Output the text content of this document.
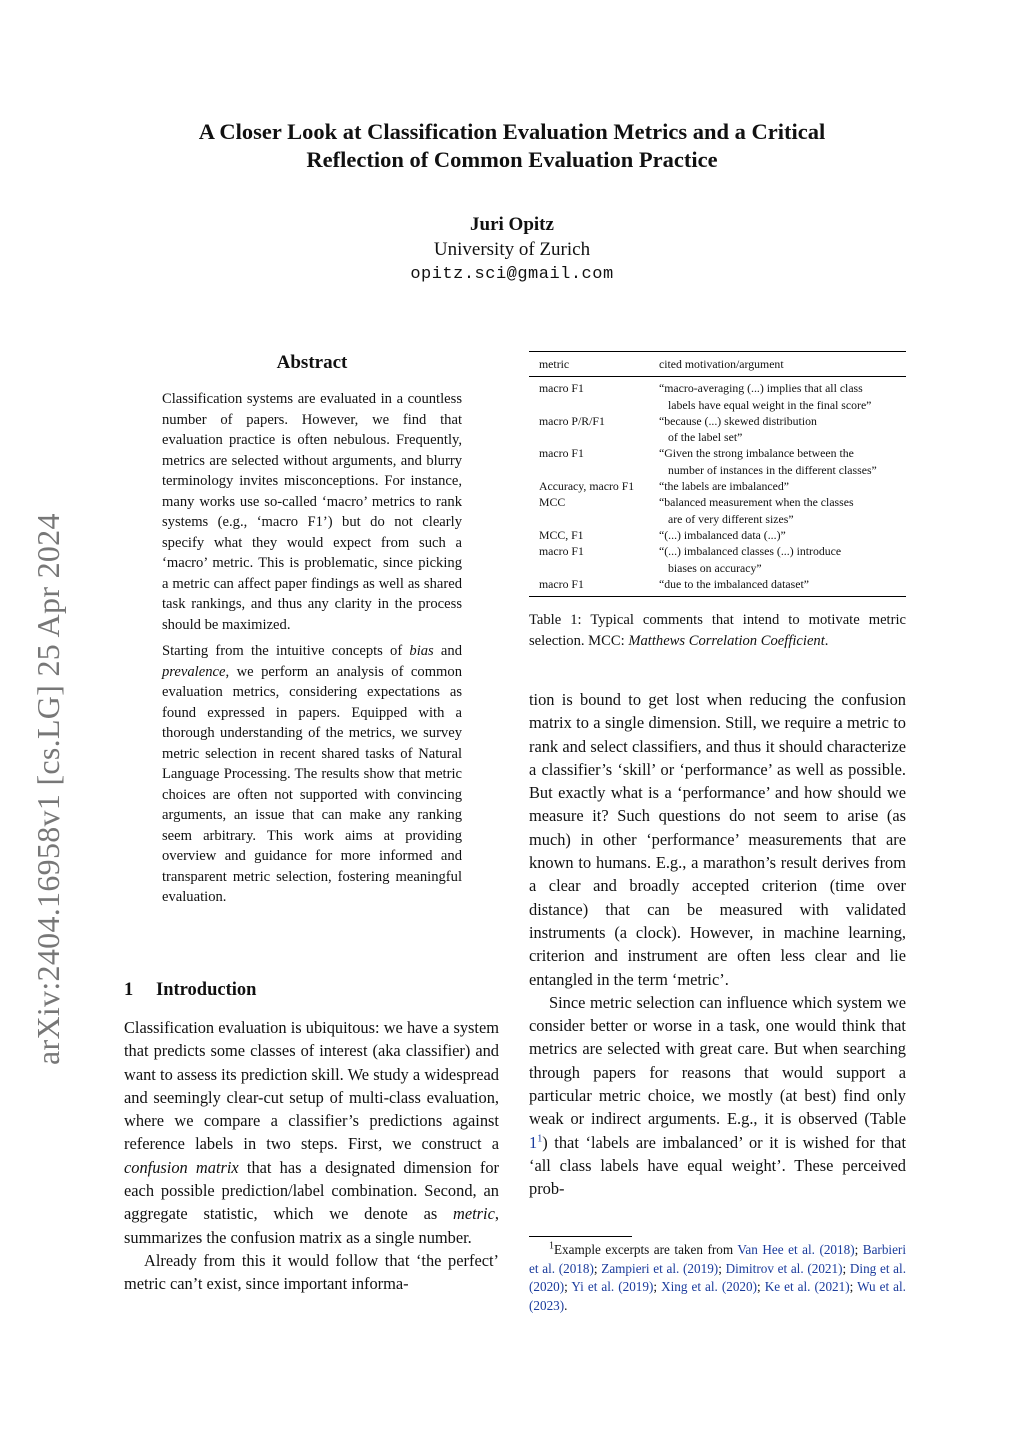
arXiv:2404.16958v1 [cs.LG] 25 Apr 2024
A Closer Look at Classification Evaluation Metrics and a Critical
Reflection of Common Evaluation Practice
Juri Opitz
University of Zurich
opitz.sci@gmail.com
Abstract

Classification systems are evaluated in a countless number of papers. However, we find that evaluation practice is often nebulous. Frequently, metrics are selected without arguments, and blurry terminology invites misconceptions. For instance, many works use so-called ‘macro’ metrics to rank systems (e.g., ‘macro F1’) but do not clearly specify what they would expect from such a ‘macro’ metric. This is problematic, since picking a metric can affect paper findings as well as shared task rankings, and thus any clarity in the process should be maximized.

Starting from the intuitive concepts of bias and prevalence, we perform an analysis of common evaluation metrics, considering expectations as found expressed in papers. Equipped with a thorough understanding of the metrics, we survey metric selection in recent shared tasks of Natural Language Processing. The results show that metric choices are often not supported with convincing arguments, an issue that can make any ranking seem arbitrary. This work aims at providing overview and guidance for more informed and transparent metric selection, fostering meaningful evaluation.

1 Introduction

Classification evaluation is ubiquitous: we have a system that predicts some classes of interest (aka classifier) and want to assess its prediction skill. We study a widespread and seemingly clear-cut setup of multi-class evaluation, where we compare a classifier’s predictions against reference labels in two steps. First, we construct a confusion matrix that has a designated dimension for each possible prediction/label combination. Second, an aggregate statistic, which we denote as metric, summarizes the confusion matrix as a single number.

Already from this it would follow that ‘the perfect’ metric can’t exist, since important informa-

metric	cited motivation/argument
macro F1	“macro-averaging (...) implies that all class
labels have equal weight in the final score”
macro P/R/F1	“because (...) skewed distribution
of the label set”
macro F1	“Given the strong imbalance between the
number of instances in the different classes”
Accuracy, macro F1	“the labels are imbalanced”
MCC	“balanced measurement when the classes
are of very different sizes”
MCC, F1	“(...) imbalanced data (...)”
macro F1	“(...) imbalanced classes (...) introduce
biases on accuracy”
macro F1	“due to the imbalanced dataset”
Table 1: Typical comments that intend to motivate metric selection. MCC: Matthews Correlation Coefficient.

tion is bound to get lost when reducing the confusion matrix to a single dimension. Still, we require a metric to rank and select classifiers, and thus it should characterize a classifier’s ‘skill’ or ‘performance’ as well as possible. But exactly what is a ‘performance’ and how should we measure it? Such questions do not seem to arise (as much) in other ‘performance’ measurements that are known to humans. E.g., a marathon’s result derives from a clear and broadly accepted criterion (time over distance) that can be measured with validated instruments (a clock). However, in machine learning, criterion and instrument are often less clear and lie entangled in the term ‘metric’.

Since metric selection can influence which system we consider better or worse in a task, one would think that metrics are selected with great care. But when searching through papers for reasons that would support a particular metric choice, we mostly (at best) find only weak or indirect arguments. E.g., it is observed (Table 1$^1$) that ‘labels are imbalanced’ or it is wished for that ‘all class labels have equal weight’. These perceived prob-

$^1$Example excerpts are taken from Van Hee et al. (2018); Barbieri et al. (2018); Zampieri et al. (2019); Dimitrov et al. (2021); Ding et al. (2020); Yi et al. (2019); Xing et al. (2020); Ke et al. (2021); Wu et al. (2023).
